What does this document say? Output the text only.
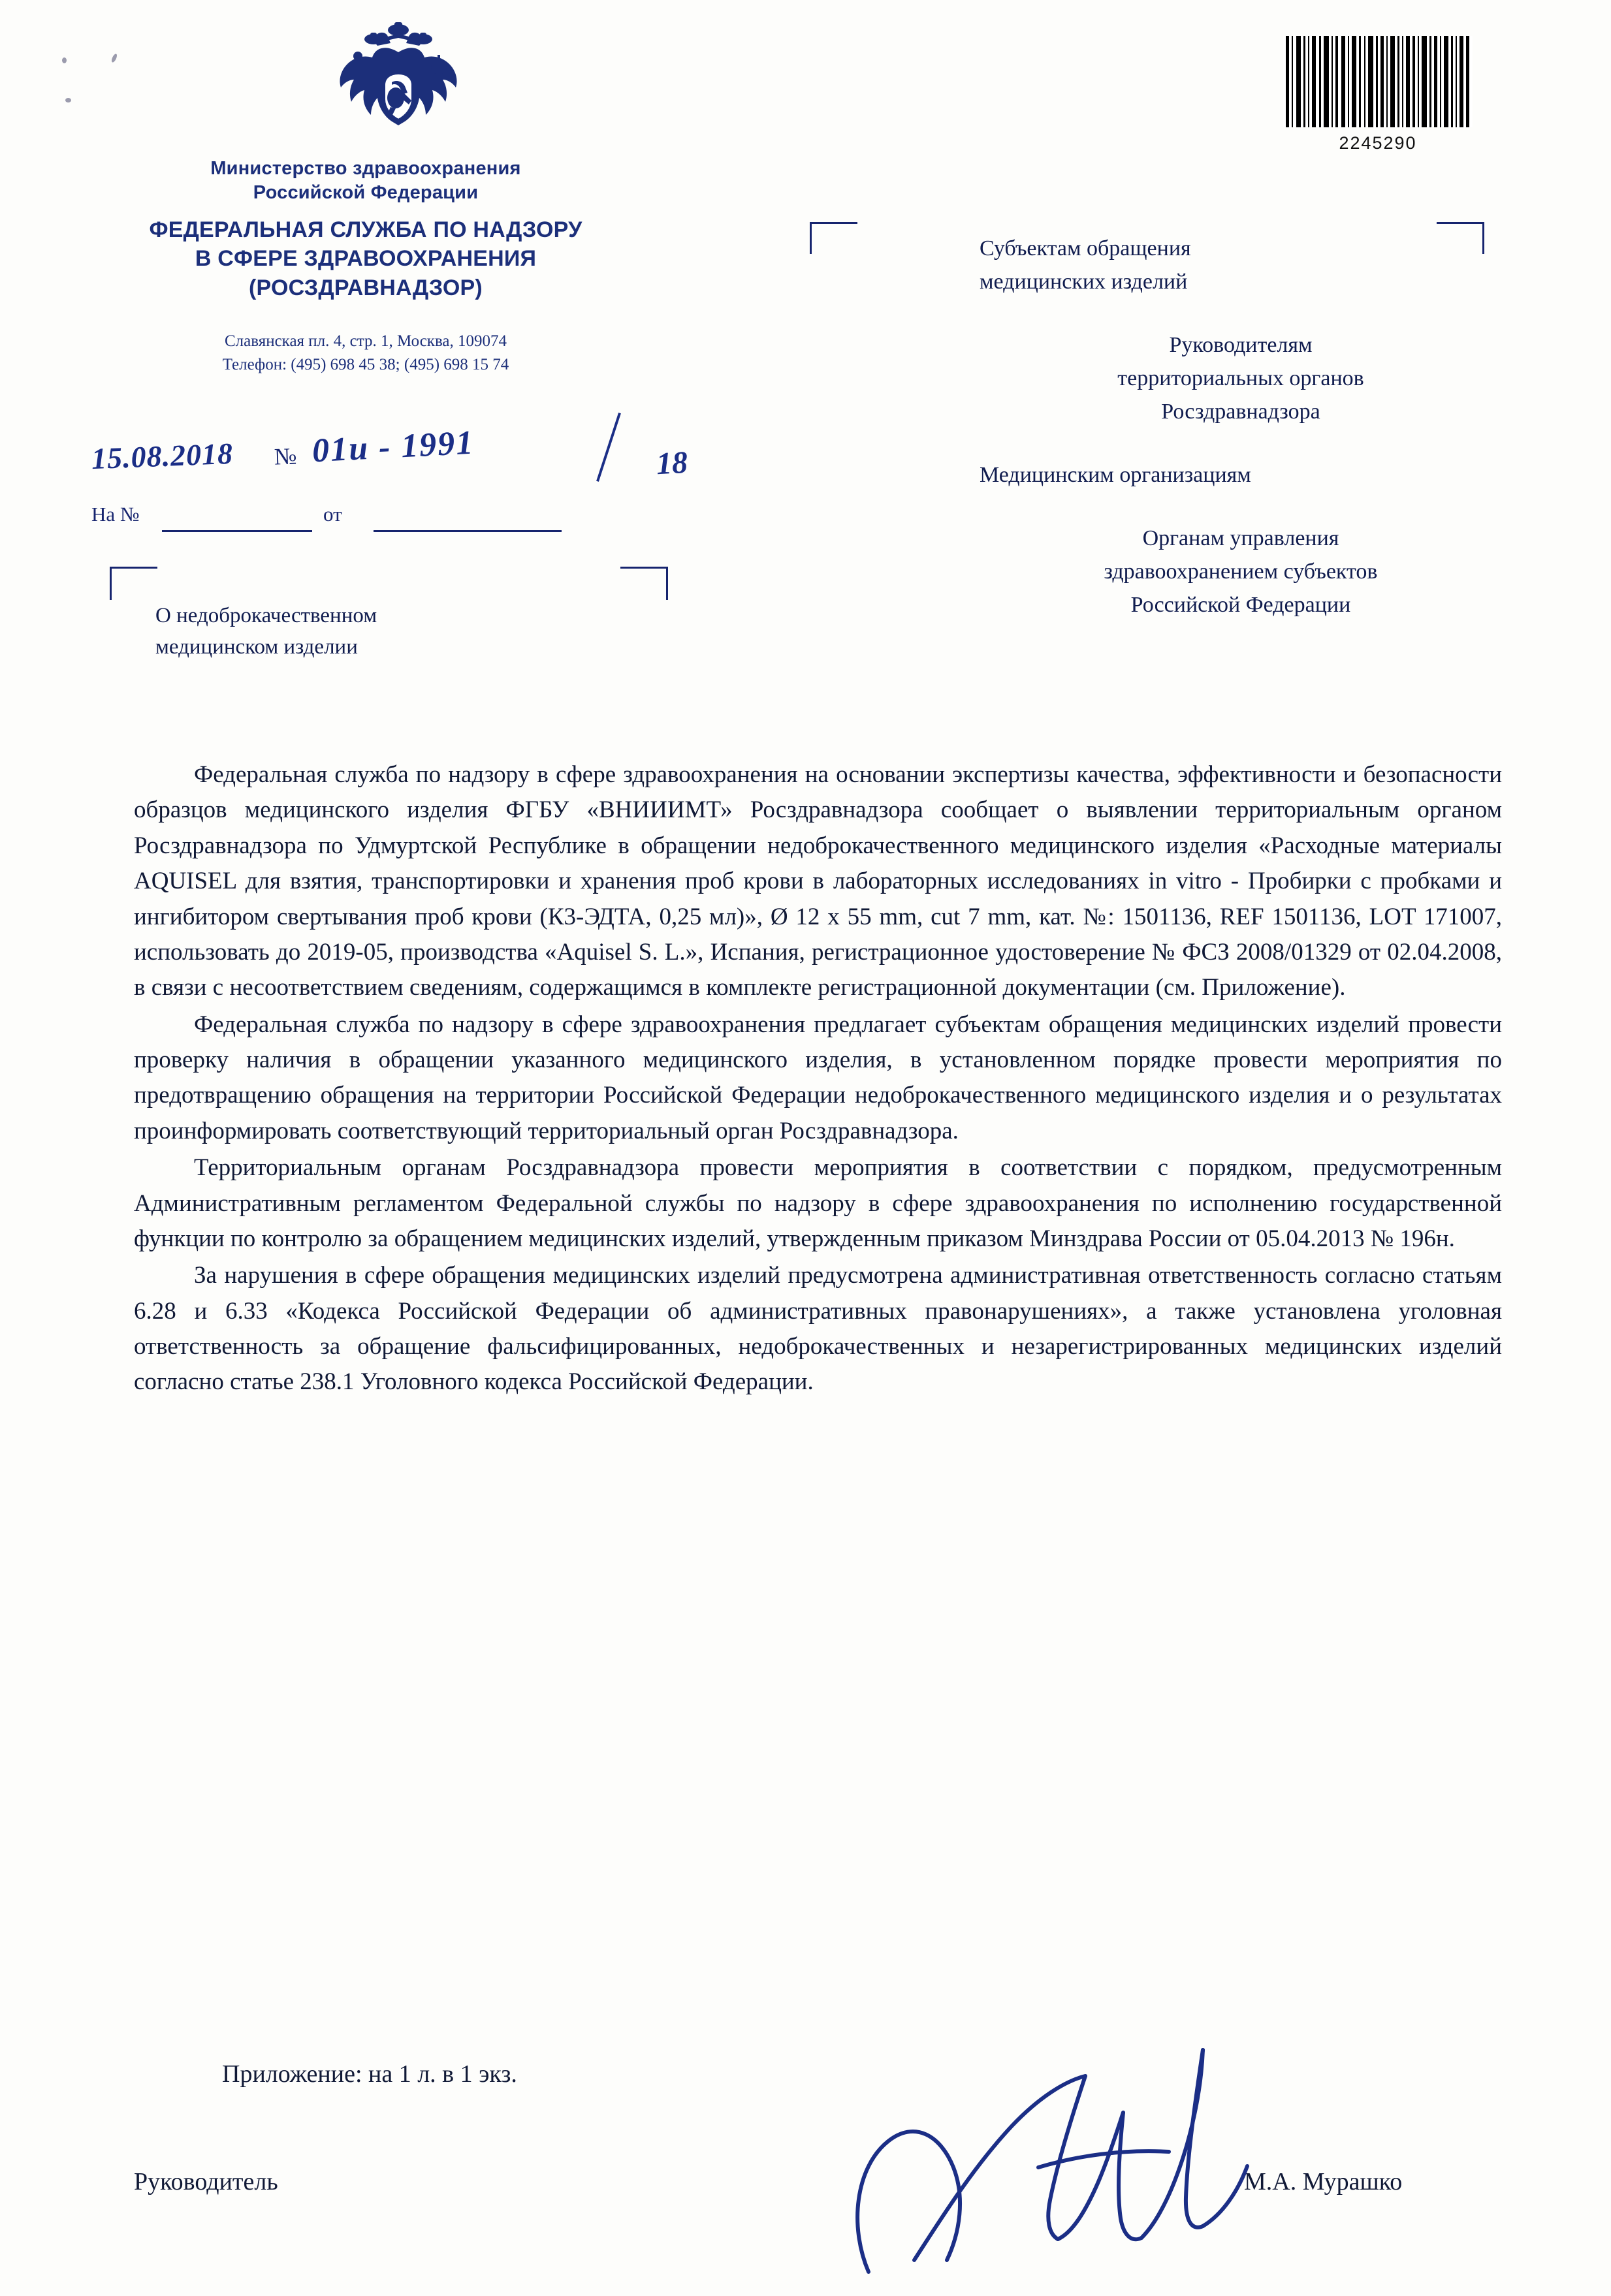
Министерство здравоохранения
Российской Федерации
ФЕДЕРАЛЬНАЯ СЛУЖБА ПО НАДЗОРУ
В СФЕРЕ ЗДРАВООХРАНЕНИЯ
(РОСЗДРАВНАДЗОР)
Славянская пл. 4, стр. 1, Москва, 109074
Телефон: (495) 698 45 38; (495) 698 15 74
2245290
15.08.2018 № 01и - 1991	18
На №	от
О недоброкачественном
медицинском изделии
Субъектам обращения
медицинских изделий
Руководителям
территориальных органов
Росздравнадзора
Медицинским организациям
Органам управления
здравоохранением субъектов
Российской Федерации

Федеральная служба по надзору в сфере здравоохранения на основании экспертизы качества, эффективности и безопасности образцов медицинского изделия ФГБУ «ВНИИИМТ» Росздравнадзора сообщает о выявлении территориальным органом Росздравнадзора по Удмуртской Республике в обращении недоброкачественного медицинского изделия «Расходные материалы AQUISEL для взятия, транспортировки и хранения проб крови в лабораторных исследованиях in vitro - Пробирки с пробками и ингибитором свертывания проб крови (К3-ЭДТА, 0,25 мл)», Ø 12 x 55 mm, cut 7 mm, кат. №: 1501136, REF 1501136, LOT 171007, использовать до 2019-05, производства «Aquisel S. L.», Испания, регистрационное удостоверение № ФСЗ 2008/01329 от 02.04.2008, в связи с несоответствием сведениям, содержащимся в комплекте регистрационной документации (см. Приложение).

Федеральная служба по надзору в сфере здравоохранения предлагает субъектам обращения медицинских изделий провести проверку наличия в обращении указанного медицинского изделия, в установленном порядке провести мероприятия по предотвращению обращения на территории Российской Федерации недоброкачественного медицинского изделия и о результатах проинформировать соответствующий территориальный орган Росздравнадзора.

Территориальным органам Росздравнадзора провести мероприятия в соответствии с порядком, предусмотренным Административным регламентом Федеральной службы по надзору в сфере здравоохранения по исполнению государственной функции по контролю за обращением медицинских изделий, утвержденным приказом Минздрава России от 05.04.2013 № 196н.

За нарушения в сфере обращения медицинских изделий предусмотрена административная ответственность согласно статьям 6.28 и 6.33 «Кодекса Российской Федерации об административных правонарушениях», а также установлена уголовная ответственность за обращение фальсифицированных, недоброкачественных и незарегистрированных медицинских изделий согласно статье 238.1 Уголовного кодекса Российской Федерации.

Приложение: на 1 л. в 1 экз.
Руководитель	М.А. Мурашко
